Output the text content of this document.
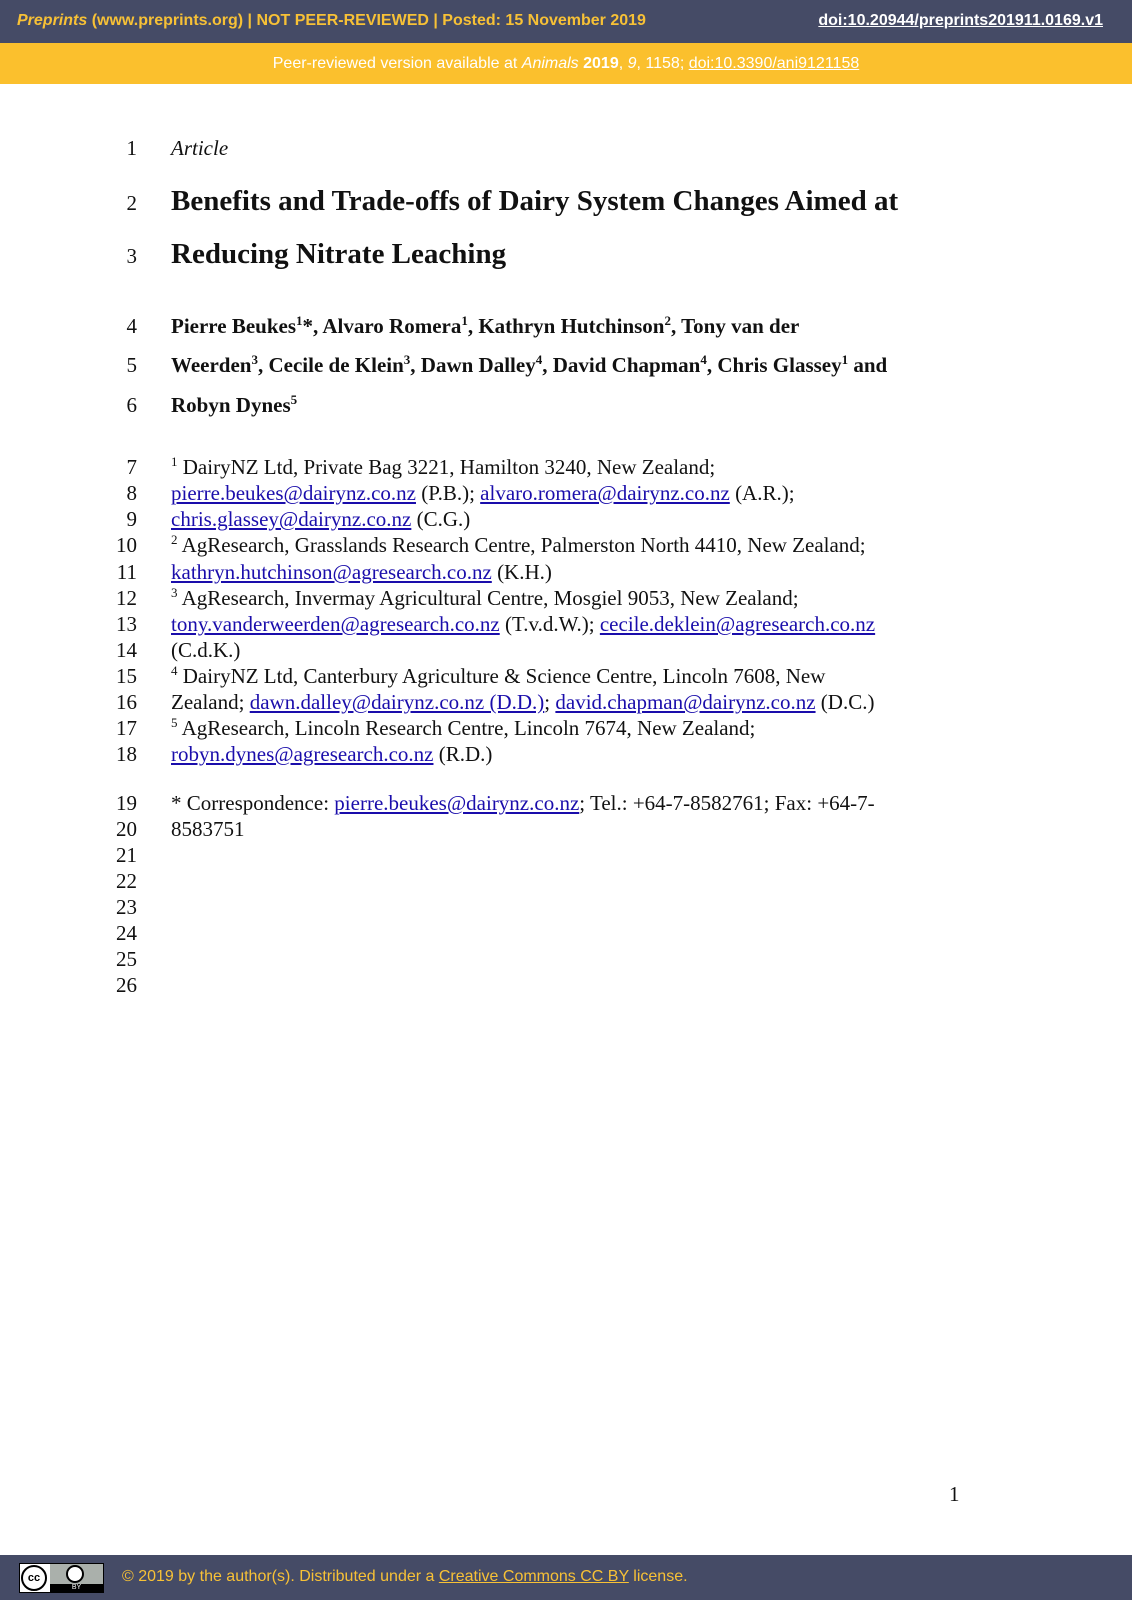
Preprints (www.preprints.org) | NOT PEER-REVIEWED | Posted: 15 November 2019	doi:10.20944/preprints201911.0169.v1
Peer-reviewed version available at Animals 2019, 9, 1158; doi:10.3390/ani9121158
1 Article
2 Benefits and Trade-offs of Dairy System Changes Aimed at
3 Reducing Nitrate Leaching
4 Pierre Beukes$^1$*, Alvaro Romera$^1$, Kathryn Hutchinson$^2$, Tony van der
5 Weerden$^3$, Cecile de Klein$^3$, Dawn Dalley$^4$, David Chapman$^4$, Chris Glassey$^1$ and
6 Robyn Dynes$^5$
7	$^1$ DairyNZ Ltd, Private Bag 3221, Hamilton 3240, New Zealand;
8 pierre.beukes@dairynz.co.nz (P.B.); alvaro.romera@dairynz.co.nz (A.R.);
9 chris.glassey@dairynz.co.nz (C.G.)
10	$^2$ AgResearch, Grasslands Research Centre, Palmerston North 4410, New Zealand;
11 kathryn.hutchinson@agresearch.co.nz (K.H.)
12	$^3$ AgResearch, Invermay Agricultural Centre, Mosgiel 9053, New Zealand;
13 tony.vanderweerden@agresearch.co.nz (T.v.d.W.); cecile.deklein@agresearch.co.nz
14 (C.d.K.)
15	$^4$ DairyNZ Ltd, Canterbury Agriculture & Science Centre, Lincoln 7608, New
16 Zealand; dawn.dalley@dairynz.co.nz (D.D.); david.chapman@dairynz.co.nz (D.C.)
17	$^5$ AgResearch, Lincoln Research Centre, Lincoln 7674, New Zealand;
18 robyn.dynes@agresearch.co.nz (R.D.)
19 * Correspondence: pierre.beukes@dairynz.co.nz; Tel.: +64-7-8582761; Fax: +64-7-
20 8583751
21
22
23
24
25
26
1
cc
BY
© 2019 by the author(s). Distributed under a Creative Commons CC BY license.
